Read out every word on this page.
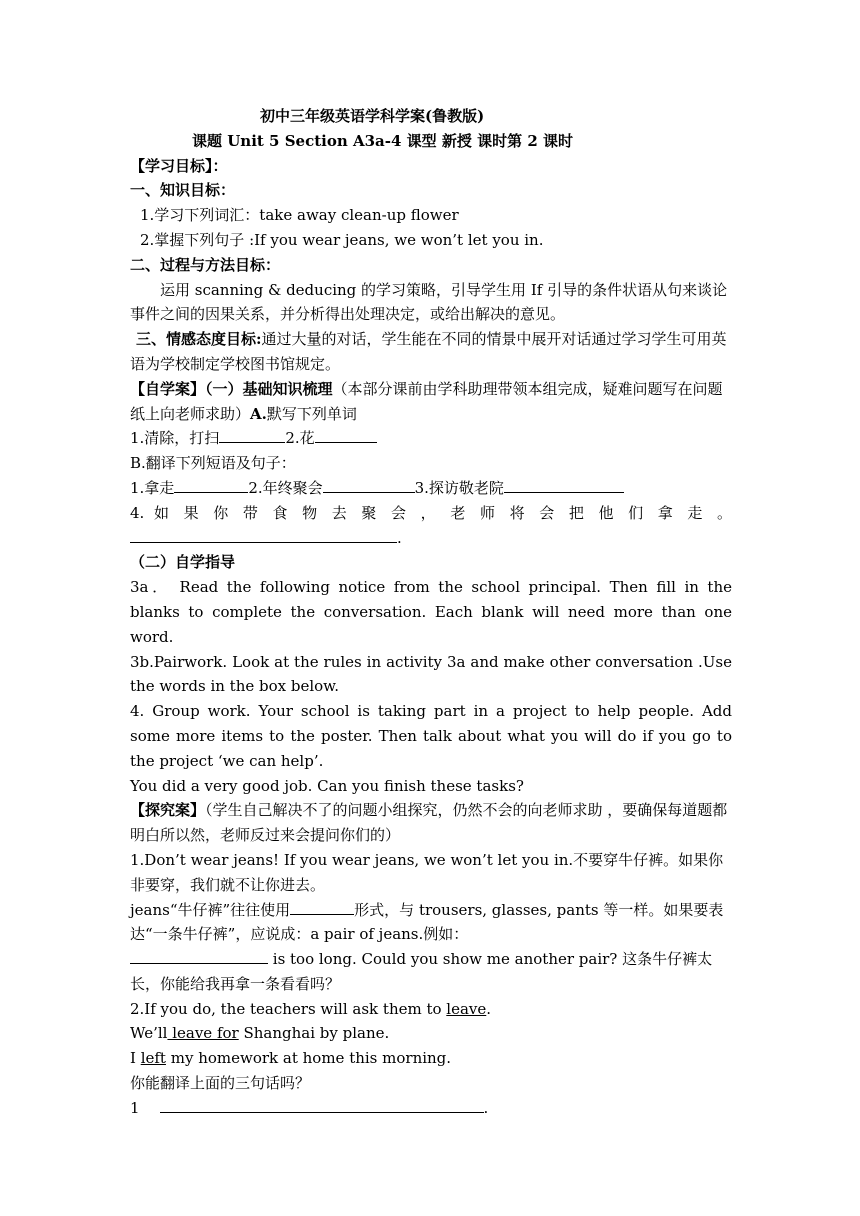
初中三年级英语学科学案(鲁教版)
课题 Unit 5 Section A3a-4 课型 新授 课时第 2 课时
【学习目标】：
一、知识目标：
1.学习下列词汇：take away clean-up flower
2.掌握下列句子 :If you wear jeans, we won’t let you in.
二、过程与方法目标：
运用 scanning & deducing 的学习策略，引导学生用 If 引导的条件状语从句来谈论事件之间的因果关系，并分析得出处理决定，或给出解决的意见。
三、情感态度目标:通过大量的对话，学生能在不同的情景中展开对话通过学习学生可用英语为学校制定学校图书馆规定。
【自学案】（一）基础知识梳理（本部分课前由学科助理带领本组完成，疑难问题写在问题纸上向老师求助）A.默写下列单词
1.清除，打扫	2.花
B.翻译下列短语及句子：
1.拿走	2.年终聚会	3.探访敬老院
4. 如 果 你 带 食 物 去 聚 会 ， 老 师 将 会 把 他 们 拿 走 。
.
（二）自学指导
3a． Read the following notice from the school principal. Then fill in the blanks to complete the conversation. Each blank will need more than one word.
3b.Pairwork. Look at the rules in activity 3a and make other conversation .Use the words in the box below.
4. Group work. Your school is taking part in a project to help people. Add some more items to the poster. Then talk about what you will do if you go to the project ‘we can help’.
You did a very good job. Can you finish these tasks?
【探究案】（学生自己解决不了的问题小组探究，仍然不会的向老师求助 ，要确保每道题都明白所以然，老师反过来会提问你们的）
1.Don’t wear jeans! If you wear jeans, we won’t let you in.不要穿牛仔裤。如果你非要穿，我们就不让你进去。
jeans“牛仔裤”往往使用	形式，与 trousers, glasses, pants 等一样。如果要表达“一条牛仔裤”，应说成：a pair of jeans.例如：
is too long. Could you show me another pair? 这条牛仔裤太长，你能给我再拿一条看看吗？
2.If you do, the teachers will ask them to leave.
We’ll leave for Shanghai by plane.
I left my homework at home this morning.
你能翻译上面的三句话吗？
1	.
